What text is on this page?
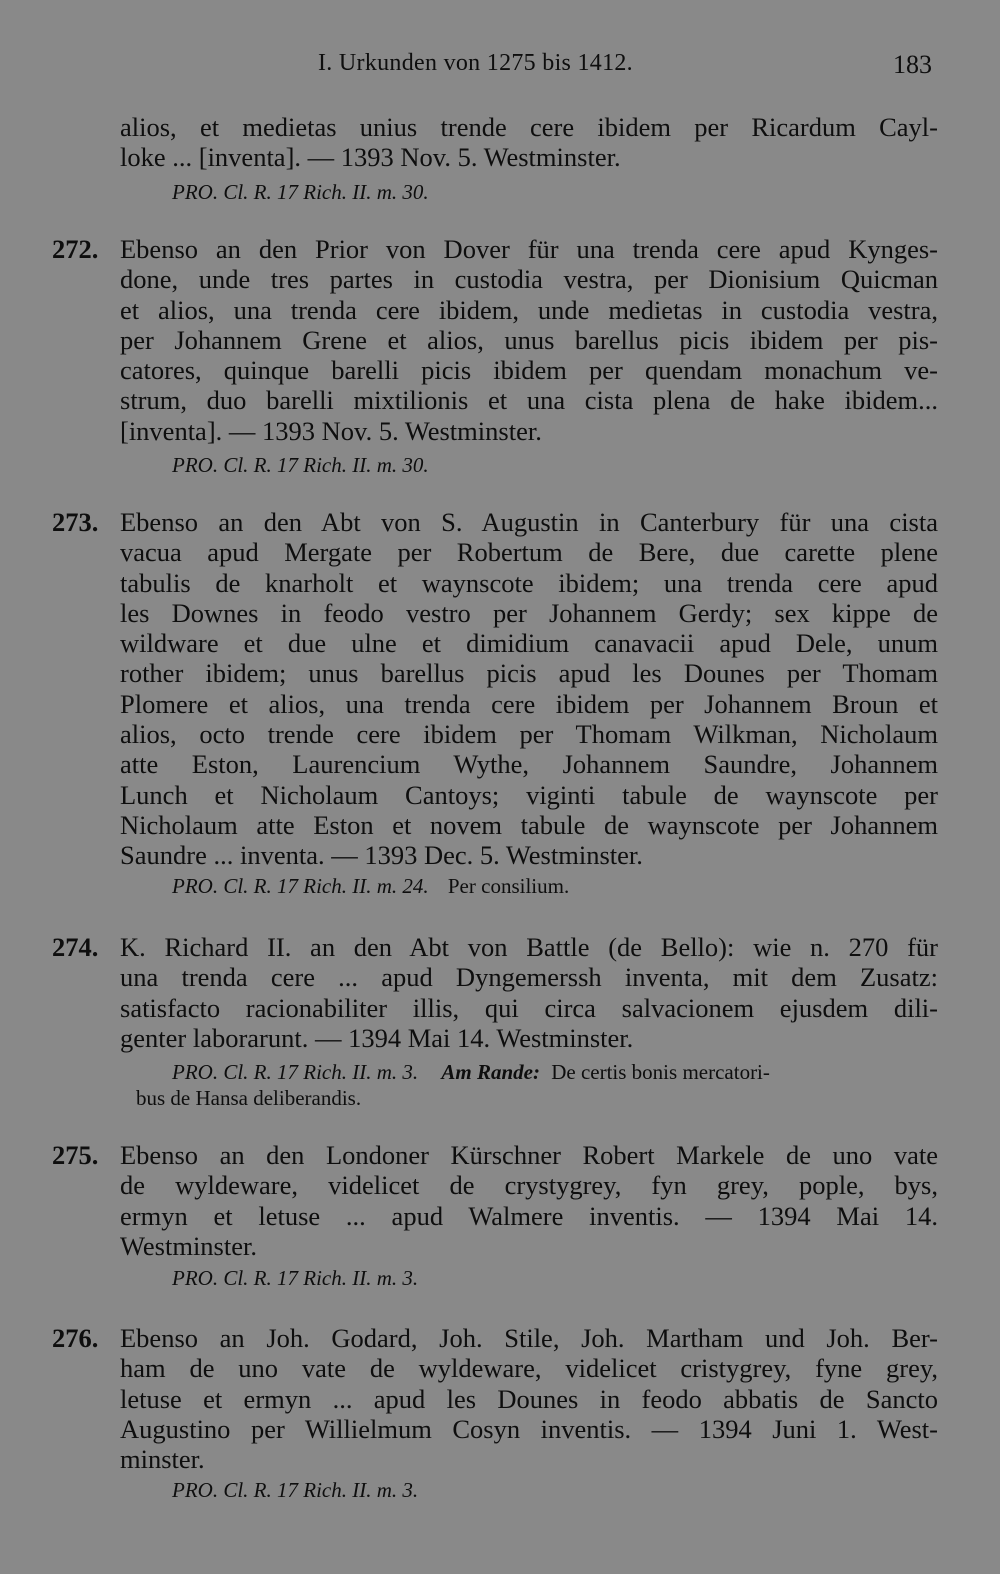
I. Urkunden von 1275 bis 1412.	183
alios, et medietas unius trende cere ibidem per Ricardum Cayl-
loke ... [inventa]. — 1393 Nov. 5. Westminster.
PRO. Cl. R. 17 Rich. II. m. 30.
272. Ebenso an den Prior von Dover für una trenda cere apud Kynges-
done, unde tres partes in custodia vestra, per Dionisium Quicman
et alios, una trenda cere ibidem, unde medietas in custodia vestra,
per Johannem Grene et alios, unus barellus picis ibidem per pis-
catores, quinque barelli picis ibidem per quendam monachum ve-
strum, duo barelli mixtilionis et una cista plena de hake ibidem...
[inventa]. — 1393 Nov. 5. Westminster.
PRO. Cl. R. 17 Rich. II. m. 30.
273. Ebenso an den Abt von S. Augustin in Canterbury für una cista
vacua apud Mergate per Robertum de Bere, due carette plene
tabulis de knarholt et waynscote ibidem; una trenda cere apud
les Downes in feodo vestro per Johannem Gerdy; sex kippe de
wildware et due ulne et dimidium canavacii apud Dele, unum
rother ibidem; unus barellus picis apud les Dounes per Thomam
Plomere et alios, una trenda cere ibidem per Johannem Broun et
alios, octo trende cere ibidem per Thomam Wilkman, Nicholaum
atte Eston, Laurencium Wythe, Johannem Saundre, Johannem
Lunch et Nicholaum Cantoys; viginti tabule de waynscote per
Nicholaum atte Eston et novem tabule de waynscote per Johannem
Saundre ... inventa. — 1393 Dec. 5. Westminster.
PRO. Cl. R. 17 Rich. II. m. 24. Per consilium.
274. K. Richard II. an den Abt von Battle (de Bello): wie n. 270 für
una trenda cere ... apud Dyngemerssh inventa, mit dem Zusatz:
satisfacto racionabiliter illis, qui circa salvacionem ejusdem dili-
genter laborarunt. — 1394 Mai 14. Westminster.
PRO. Cl. R. 17 Rich. II. m. 3. Am Rande: De certis bonis mercatori-
bus de Hansa deliberandis.
275. Ebenso an den Londoner Kürschner Robert Markele de uno vate
de wyldeware, videlicet de crystygrey, fyn grey, pople, bys,
ermyn et letuse ... apud Walmere inventis. — 1394 Mai 14.
Westminster.
PRO. Cl. R. 17 Rich. II. m. 3.
276. Ebenso an Joh. Godard, Joh. Stile, Joh. Martham und Joh. Ber-
ham de uno vate de wyldeware, videlicet cristygrey, fyne grey,
letuse et ermyn ... apud les Dounes in feodo abbatis de Sancto
Augustino per Willielmum Cosyn inventis. — 1394 Juni 1. West-
minster.
PRO. Cl. R. 17 Rich. II. m. 3.
